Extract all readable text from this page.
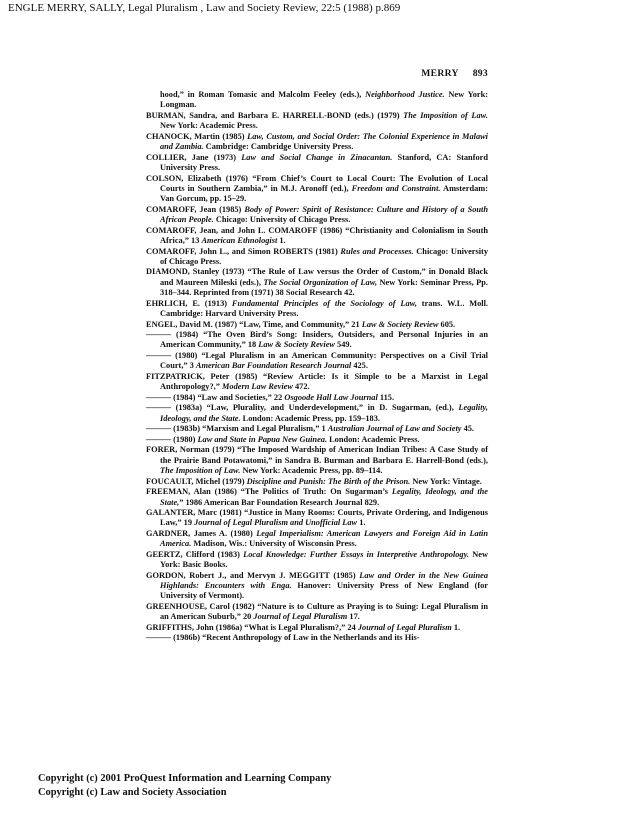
ENGLE MERRY, SALLY, Legal Pluralism , Law and Society Review, 22:5 (1988) p.869
MERRY 893

hood,” in Roman Tomasic and Malcolm Feeley (eds.), Neighborhood Justice. New York: Longman.

BURMAN, Sandra, and Barbara E. HARRELL-BOND (eds.) (1979) The Imposition of Law. New York: Academic Press.

CHANOCK, Martin (1985) Law, Custom, and Social Order: The Colonial Experience in Malawi and Zambia. Cambridge: Cambridge University Press.

COLLIER, Jane (1973) Law and Social Change in Zinacantan. Stanford, CA: Stanford University Press.

COLSON, Elizabeth (1976) “From Chief’s Court to Local Court: The Evolution of Local Courts in Southern Zambia,” in M.J. Aronoff (ed.), Freedom and Constraint. Amsterdam: Van Gorcum, pp. 15–29.

COMAROFF, Jean (1985) Body of Power: Spirit of Resistance: Culture and History of a South African People. Chicago: University of Chicago Press.

COMAROFF, Jean, and John L. COMAROFF (1986) “Christianity and Colonialism in South Africa,” 13 American Ethnologist 1.

COMAROFF, John L., and Simon ROBERTS (1981) Rules and Processes. Chicago: University of Chicago Press.

DIAMOND, Stanley (1973) “The Rule of Law versus the Order of Custom,” in Donald Black and Maureen Mileski (eds.), The Social Organization of Law, New York: Seminar Press, Pp. 318–344. Reprinted from (1971) 38 Social Research 42.

EHRLICH, E. (1913) Fundamental Principles of the Sociology of Law, trans. W.L. Moll. Cambridge: Harvard University Press.

ENGEL, David M. (1987) “Law, Time, and Community,” 21 Law & Society Review 605.

——— (1984) “The Oven Bird’s Song: Insiders, Outsiders, and Personal Injuries in an American Community,” 18 Law & Society Review 549.

——— (1980) “Legal Pluralism in an American Community: Perspectives on a Civil Trial Court,” 3 American Bar Foundation Research Journal 425.

FITZPATRICK, Peter (1985) “Review Article: Is it Simple to be a Marxist in Legal Anthropology?,” Modern Law Review 472.

——— (1984) “Law and Societies,” 22 Osgoode Hall Law Journal 115.

——— (1983a) “Law, Plurality, and Underdevelopment,” in D. Sugarman, (ed.), Legality, Ideology, and the State. London: Academic Press, pp. 159–183.

——— (1983b) “Marxism and Legal Pluralism,” 1 Australian Journal of Law and Society 45.

——— (1980) Law and State in Papua New Guinea. London: Academic Press.

FORER, Norman (1979) “The Imposed Wardship of American Indian Tribes: A Case Study of the Prairie Band Potawatomi,” in Sandra B. Burman and Barbara E. Harrell-Bond (eds.), The Imposition of Law. New York: Academic Press, pp. 89–114.

FOUCAULT, Michel (1979) Discipline and Punish: The Birth of the Prison. New York: Vintage.

FREEMAN, Alan (1986) “The Politics of Truth: On Sugarman’s Legality, Ideology, and the State,” 1986 American Bar Foundation Research Journal 829.

GALANTER, Marc (1981) “Justice in Many Rooms: Courts, Private Ordering, and Indigenous Law,” 19 Journal of Legal Pluralism and Unofficial Law 1.

GARDNER, James A. (1980) Legal Imperialism: American Lawyers and Foreign Aid in Latin America. Madison, Wis.: University of Wisconsin Press.

GEERTZ, Clifford (1983) Local Knowledge: Further Essays in Interpretive Anthropology. New York: Basic Books.

GORDON, Robert J., and Mervyn J. MEGGITT (1985) Law and Order in the New Guinea Highlands: Encounters with Enga. Hanover: University Press of New England (for University of Vermont).

GREENHOUSE, Carol (1982) “Nature is to Culture as Praying is to Suing: Legal Pluralism in an American Suburb,” 20 Journal of Legal Pluralism 17.

GRIFFITHS, John (1986a) “What is Legal Pluralism?,” 24 Journal of Legal Pluralism 1.

——— (1986b) “Recent Anthropology of Law in the Netherlands and its His-

Copyright (c) 2001 ProQuest Information and Learning Company
Copyright (c) Law and Society Association
